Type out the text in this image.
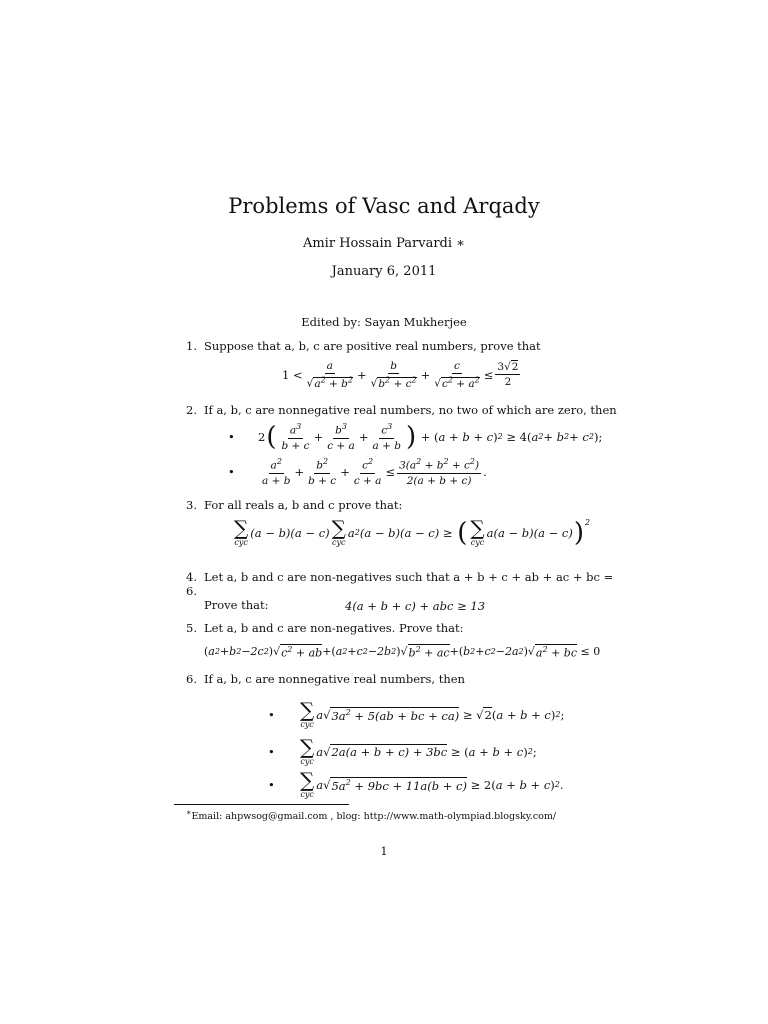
Problems of Vasc and Arqady
Amir Hossain Parvardi ∗
January 6, 2011
Edited by: Sayan Mukherjee
1. Suppose that a, b, c are positive real numbers, prove that
$1 < \frac{a}{√a^2 + b^2} + \frac{b}{√b^2 + c^2} + \frac{c}{√c^2 + a^2} \le \frac{3√2}{2}$
2. If a, b, c are nonnegative real numbers, no two of which are zero, then
•	2 ( $\frac{a^3}{b + c} + \frac{b^3}{c + a} + \frac{c^3}{a + b}$ ) + ( a + b + c ) 2 ≥ 4( a 2 + b 2 + c 2 );
•	$\frac{a^2}{a + b} + \frac{b^2}{b + c} + \frac{c^2}{c + a} \le \frac{3(a^2 + b^2 + c^2)}{2(a + b + c)}$ .
3. For all reals a, b and c prove that:
∑
cyc
(a − b)(a − c) ∑
cyc
a 2 (a − b)(a − c) ≥ ( ∑
cyc
a(a − b)(a − c) )$^2$
4. Let a, b and c are non-negatives such that a + b + c + ab + ac + bc = 6.
Prove that:	4(a + b + c) + abc ≥ 13
5. Let a, b and c are non-negatives. Prove that:
( a 2 +b 2 −2c 2 ) √ $c^2$ + ab + ( a 2 +c 2 −2b 2 ) √ $b^2$ + ac + ( b 2 +c 2 −2a 2 ) √ $a^2$ + bc ≤ 0
6. If a, b, c are nonnegative real numbers, then
•	∑
cyc
a√ $3a^2 + 5(ab$ + bc + ca) ≥ √2( a + b + c ) 2 ;
•	∑
cyc
a√ 2a(a + b + c) + 3bc ≥ ( a + b + c ) 2 ;
•	∑
cyc
a√ $5a^2 + 9bc + 11a(b + c) \ge 2$( a + b + c ) 2 .
∗Email: ahpwsog@gmail.com , blog: http://www.math-olympiad.blogsky.com/
1
